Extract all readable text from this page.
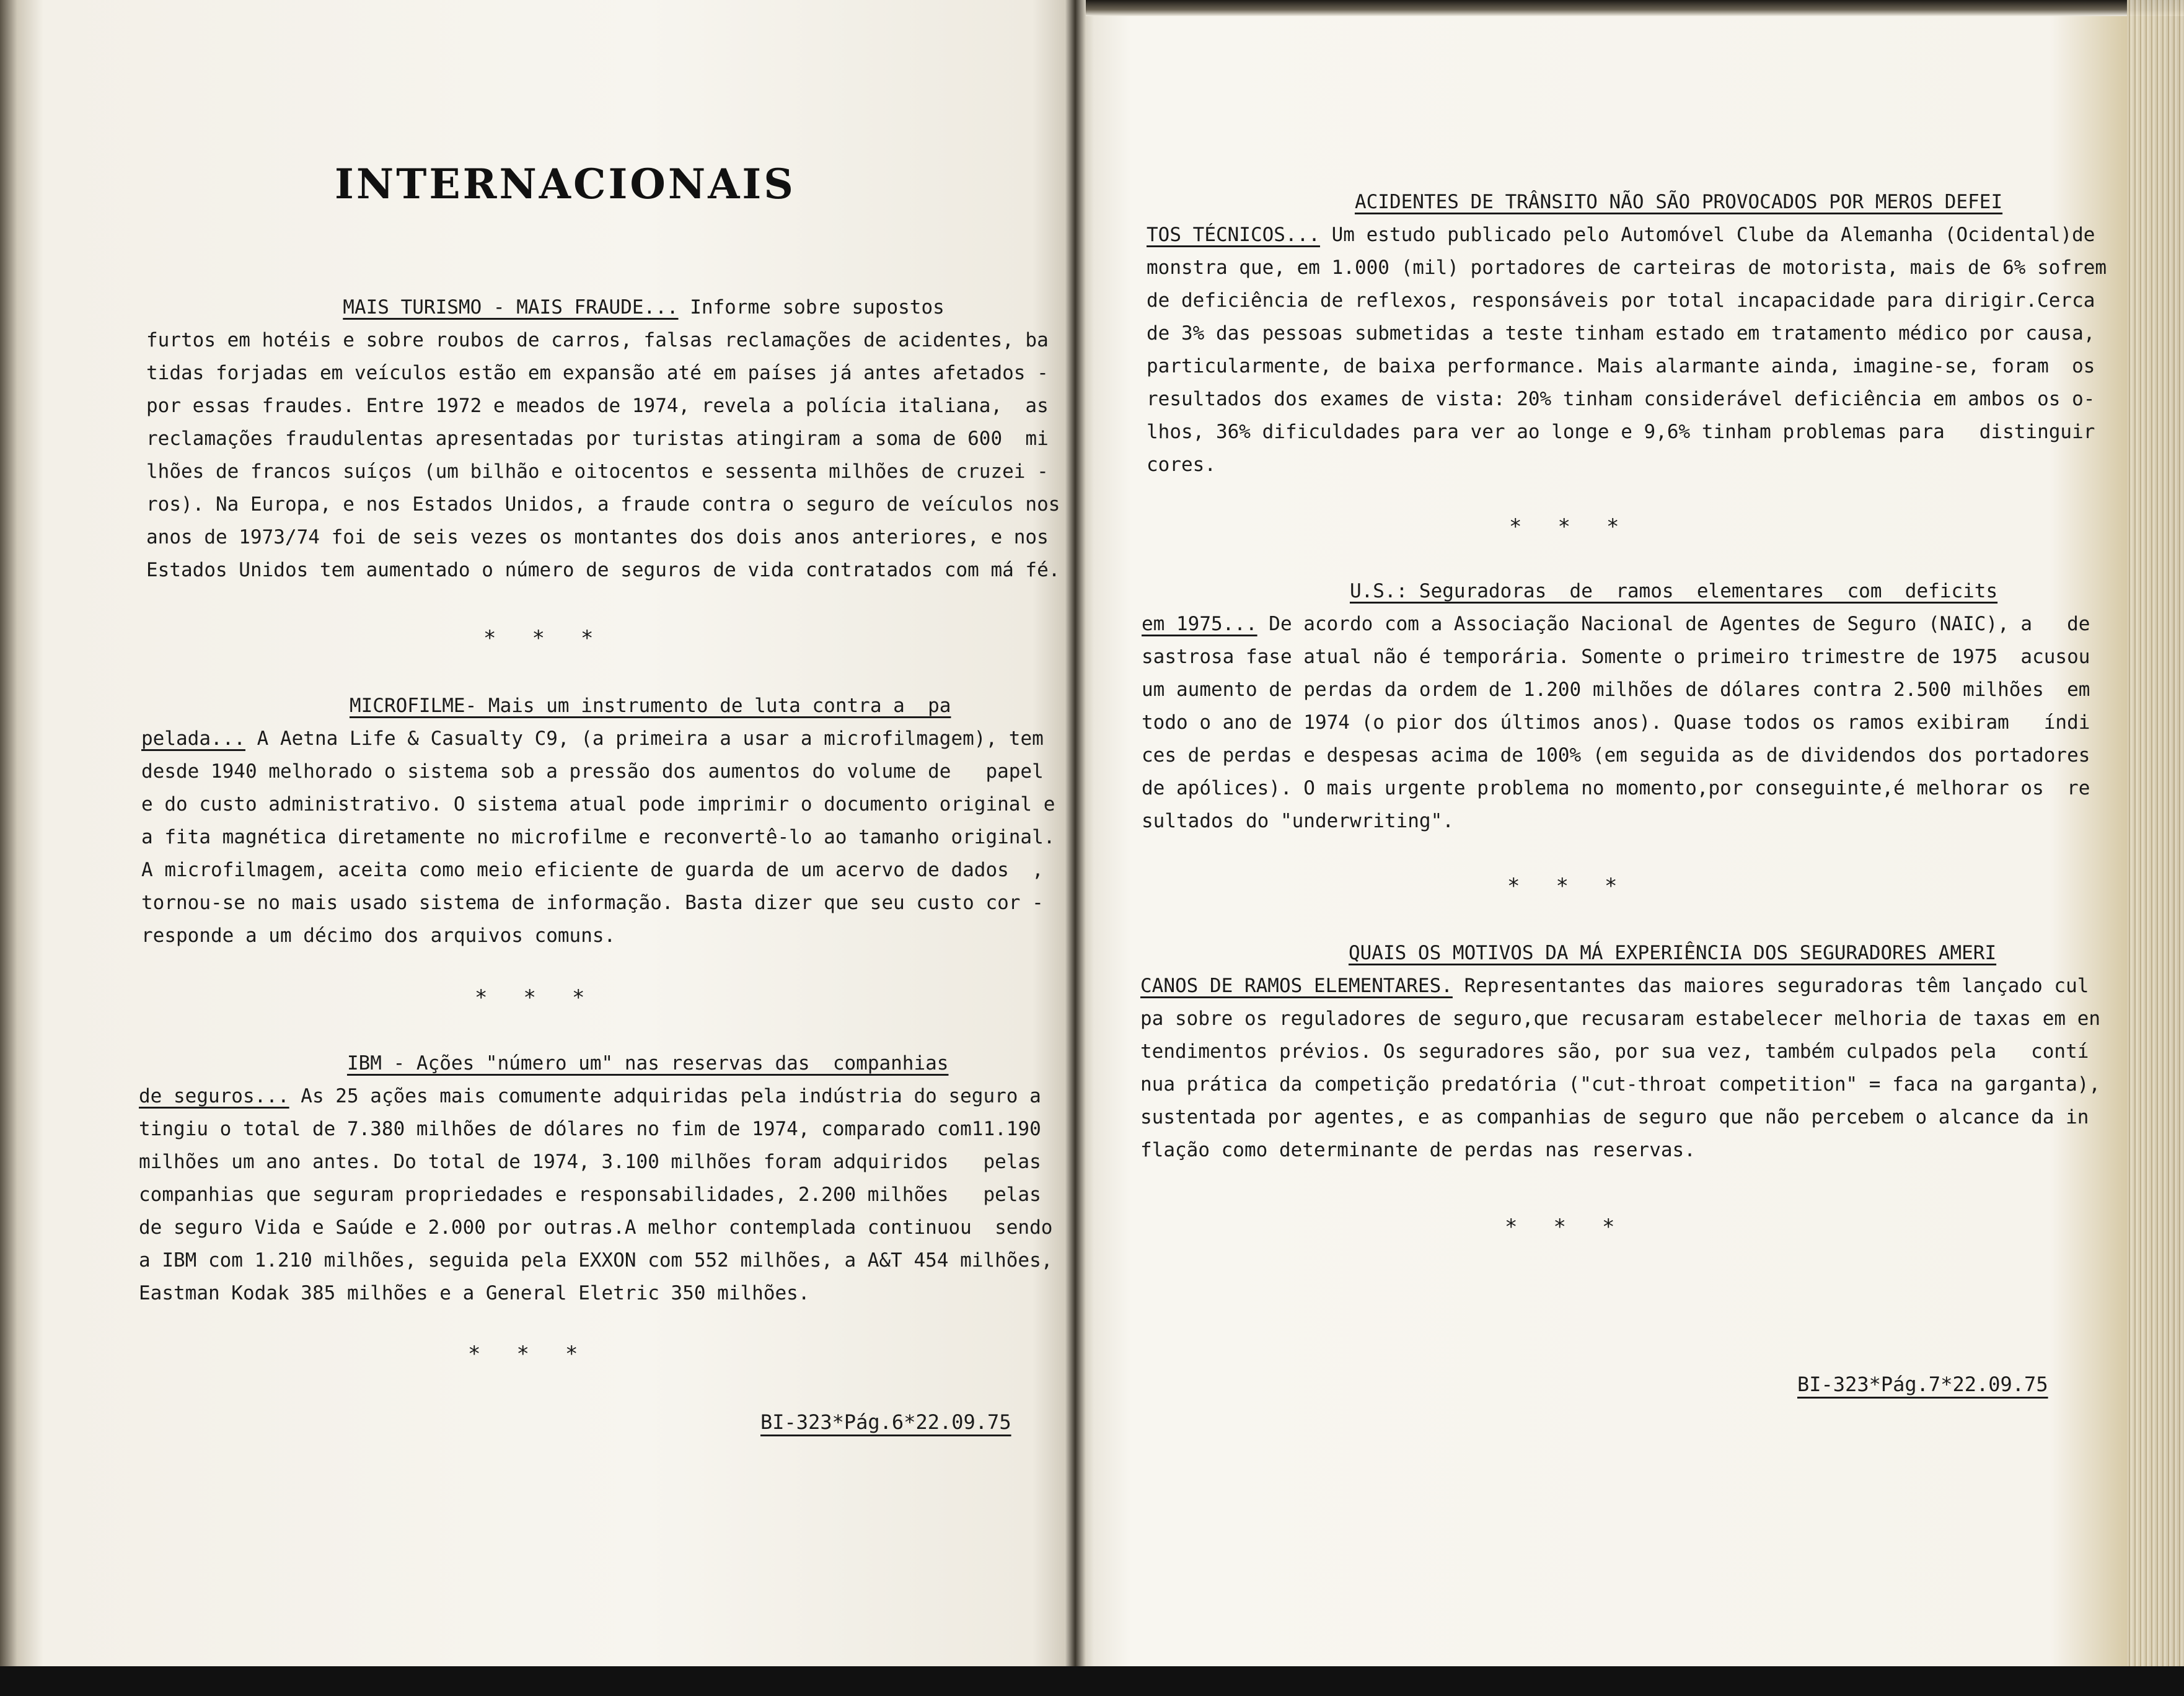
INTERNACIONAIS
MAIS TURISMO - MAIS FRAUDE... Informe sobre supostos
furtos em hotéis e sobre roubos de carros, falsas reclamações de acidentes, ba
tidas forjadas em veículos estão em expansão até em países já antes afetados -
por essas fraudes. Entre 1972 e meados de 1974, revela a polícia italiana,  as
reclamações fraudulentas apresentadas por turistas atingiram a soma de 600  mi
lhões de francos suíços (um bilhão e oitocentos e sessenta milhões de cruzei -
ros). Na Europa, e nos Estados Unidos, a fraude contra o seguro de veículos nos
anos de 1973/74 foi de seis vezes os montantes dos dois anos anteriores, e nos
Estados Unidos tem aumentado o número de seguros de vida contratados com má fé.
***
MICROFILME- Mais um instrumento de luta contra a  pa
pelada... A Aetna Life & Casualty C9, (a primeira a usar a microfilmagem), tem
desde 1940 melhorado o sistema sob a pressão dos aumentos do volume de   papel
e do custo administrativo. O sistema atual pode imprimir o documento original e
a fita magnética diretamente no microfilme e reconvertê-lo ao tamanho original.
A microfilmagem, aceita como meio eficiente de guarda de um acervo de dados  ,
tornou-se no mais usado sistema de informação. Basta dizer que seu custo cor -
responde a um décimo dos arquivos comuns.
***
IBM - Ações "número um" nas reservas das  companhias
de seguros... As 25 ações mais comumente adquiridas pela indústria do seguro a
tingiu o total de 7.380 milhões de dólares no fim de 1974, comparado com11.190
milhões um ano antes. Do total de 1974, 3.100 milhões foram adquiridos   pelas
companhias que seguram propriedades e responsabilidades, 2.200 milhões   pelas
de seguro Vida e Saúde e 2.000 por outras.A melhor contemplada continuou  sendo
a IBM com 1.210 milhões, seguida pela EXXON com 552 milhões, a A&T 454 milhões,
Eastman Kodak 385 milhões e a General Eletric 350 milhões.
***
BI-323*Pág.6*22.09.75
ACIDENTES DE TRÂNSITO NÃO SÃO PROVOCADOS POR MEROS DEFEI
TOS TÉCNICOS... Um estudo publicado pelo Automóvel Clube da Alemanha (Ocidental)de
monstra que, em 1.000 (mil) portadores de carteiras de motorista, mais de 6% sofrem
de deficiência de reflexos, responsáveis por total incapacidade para dirigir.Cerca
de 3% das pessoas submetidas a teste tinham estado em tratamento médico por causa,
particularmente, de baixa performance. Mais alarmante ainda, imagine-se, foram  os
resultados dos exames de vista: 20% tinham considerável deficiência em ambos os o-
lhos, 36% dificuldades para ver ao longe e 9,6% tinham problemas para   distinguir
cores.
***
U.S.: Seguradoras  de  ramos  elementares  com  deficits
em 1975... De acordo com a Associação Nacional de Agentes de Seguro (NAIC), a   de
sastrosa fase atual não é temporária. Somente o primeiro trimestre de 1975  acusou
um aumento de perdas da ordem de 1.200 milhões de dólares contra 2.500 milhões  em
todo o ano de 1974 (o pior dos últimos anos). Quase todos os ramos exibiram   índi
ces de perdas e despesas acima de 100% (em seguida as de dividendos dos portadores
de apólices). O mais urgente problema no momento,por conseguinte,é melhorar os  re
sultados do "underwriting".
***
QUAIS OS MOTIVOS DA MÁ EXPERIÊNCIA DOS SEGURADORES AMERI
CANOS DE RAMOS ELEMENTARES. Representantes das maiores seguradoras têm lançado cul
pa sobre os reguladores de seguro,que recusaram estabelecer melhoria de taxas em en
tendimentos prévios. Os seguradores são, por sua vez, também culpados pela   contí
nua prática da competição predatória ("cut-throat competition" = faca na garganta),
sustentada por agentes, e as companhias de seguro que não percebem o alcance da in
flação como determinante de perdas nas reservas.
***
BI-323*Pág.7*22.09.75
